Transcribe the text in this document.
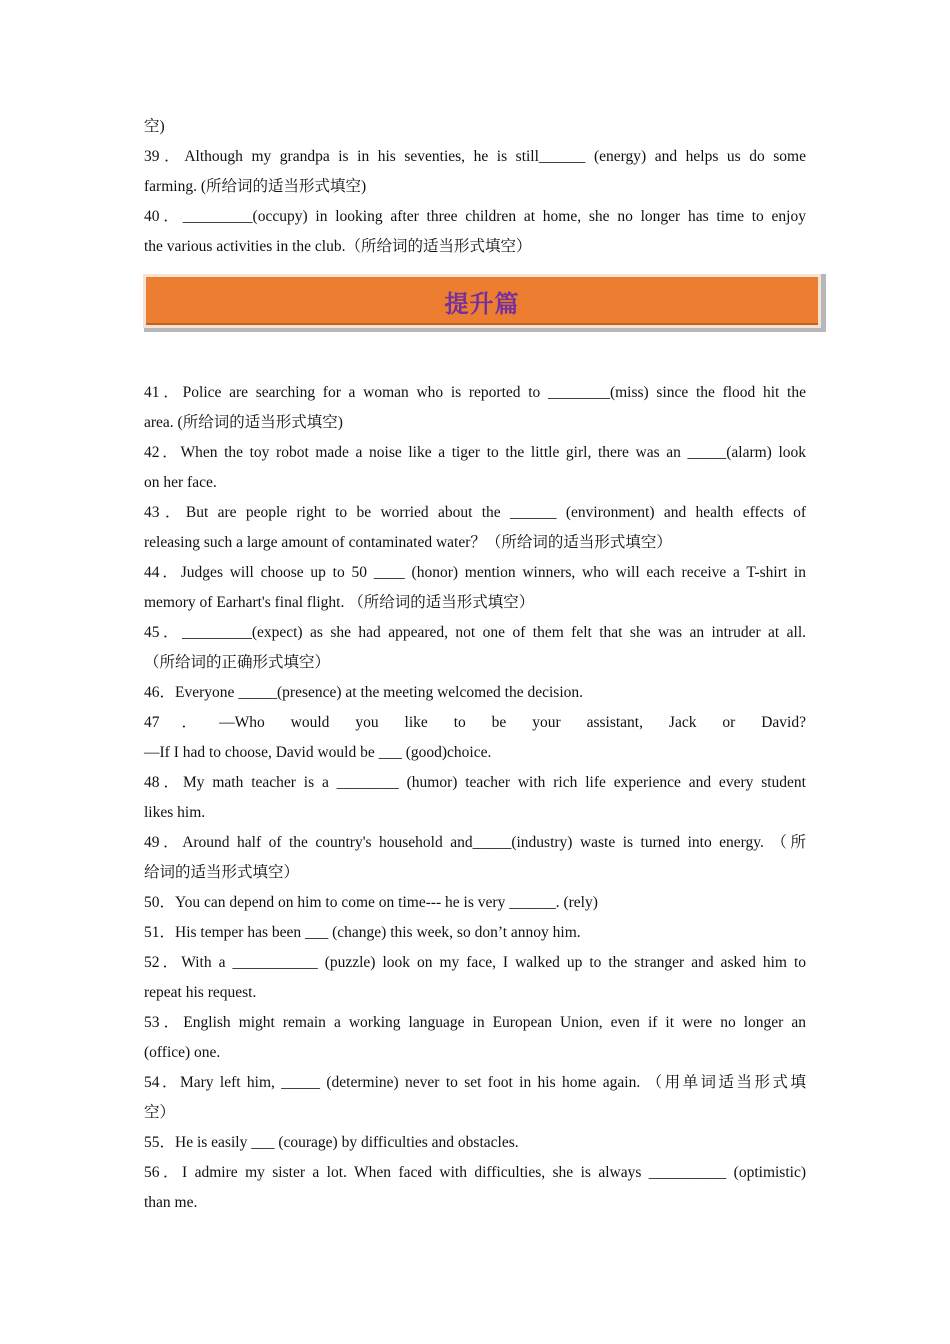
空)
39．Although my grandpa is in his seventies, he is still______ (energy) and helps us do some
farming. (所给词的适当形式填空)
40．_________(occupy) in looking after three children at home, she no longer has time to enjoy
the various activities in the club.（所给词的适当形式填空）
提升篇
41．Police are searching for a woman who is reported to ________(miss) since the flood hit the
area. (所给词的适当形式填空)
42．When the toy robot made a noise like a tiger to the little girl, there was an _____(alarm) look
on her face.
43．But are people right to be worried about the ______ (environment) and health effects of
releasing such a large amount of contaminated water？（所给词的适当形式填空）
44．Judges will choose up to 50 ____ (honor) mention winners, who will each receive a T-shirt in
memory of Earhart's final flight. （所给词的适当形式填空）
45．_________(expect) as she had appeared, not one of them felt that she was an intruder at all.
（所给词的正确形式填空）
46．Everyone _____(presence) at the meeting welcomed the decision.
47．—Who would you like to be your assistant, Jack or David?
—If I had to choose, David would be ___ (good)choice.
48．My math teacher is a ________ (humor) teacher with rich life experience and every student
likes him.
49．Around half of the country's household and_____(industry) waste is turned into energy. （所
给词的适当形式填空）
50．You can depend on him to come on time--- he is very ______. (rely)
51．His temper has been ___ (change) this week, so don’t annoy him.
52．With a ___________ (puzzle) look on my face, I walked up to the stranger and asked him to
repeat his request.
53．English might remain a working language in European Union, even if it were no longer an
(office) one.
54．Mary left him, _____ (determine) never to set foot in his home again. （用单词适当形式填
空）
55．He is easily ___ (courage) by difficulties and obstacles.
56．I admire my sister a lot. When faced with difficulties, she is always __________ (optimistic)
than me.
